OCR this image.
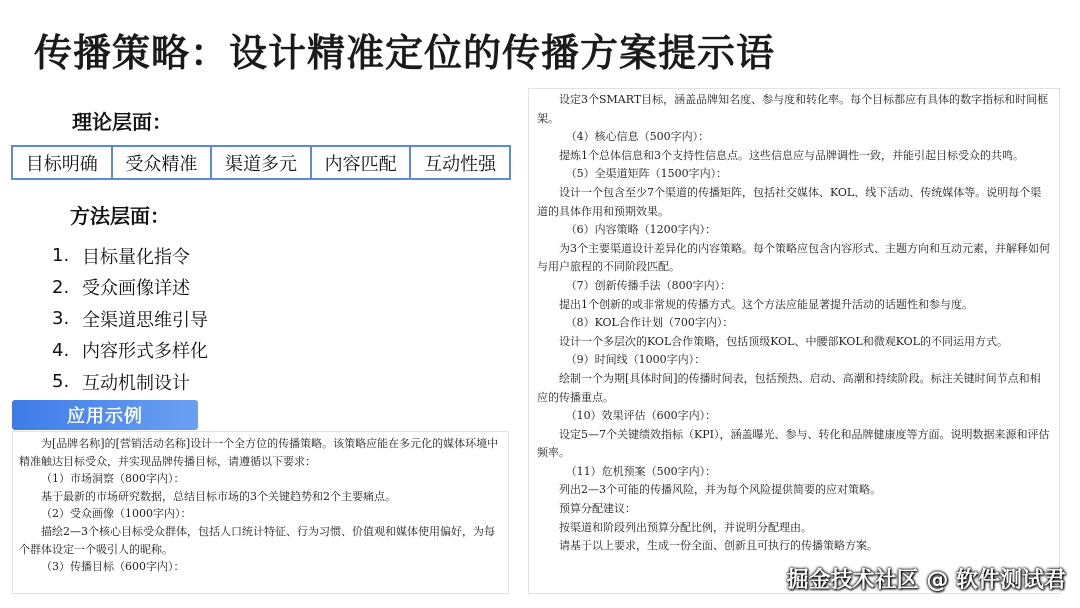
传播策略：设计精准定位的传播方案提示语
理论层面：
目标明确	受众精准	渠道多元	内容匹配	互动性强
方法层面：
1. 目标量化指令
2. 受众画像详述
3. 全渠道思维引导
4. 内容形式多样化
5. 互动机制设计
应用示例

为[品牌名称]的[营销活动名称]设计一个全方位的传播策略。该策略应能在多元化的媒体环境中精准触达目标受众，并实现品牌传播目标，请遵循以下要求：

（1）市场洞察（800字内）：

基于最新的市场研究数据，总结目标市场的3个关键趋势和2个主要痛点。

（2）受众画像（1000字内）：

描绘2—3个核心目标受众群体，包括人口统计特征、行为习惯、价值观和媒体使用偏好，为每个群体设定一个吸引人的昵称。

（3）传播目标（600字内）：

设定3个SMART目标，涵盖品牌知名度、参与度和转化率。每个目标都应有具体的数字指标和时间框架。

（4）核心信息（500字内）：

提炼1个总体信息和3个支持性信息点。这些信息应与品牌调性一致，并能引起目标受众的共鸣。

（5）全渠道矩阵（1500字内）：

设计一个包含至少7个渠道的传播矩阵，包括社交媒体、KOL、线下活动、传统媒体等。说明每个渠道的具体作用和预期效果。

（6）内容策略（1200字内）：

为3个主要渠道设计差异化的内容策略。每个策略应包含内容形式、主题方向和互动元素，并解释如何与用户旅程的不同阶段匹配。

（7）创新传播手法（800字内）：

提出1个创新的或非常规的传播方式。这个方法应能显著提升活动的话题性和参与度。

（8）KOL合作计划（700字内）：

设计一个多层次的KOL合作策略，包括顶级KOL、中腰部KOL和微观KOL的不同运用方式。

（9）时间线（1000字内）：

绘制一个为期[具体时间]的传播时间表，包括预热、启动、高潮和持续阶段。标注关键时间节点和相应的传播重点。

（10）效果评估（600字内）：

设定5—7个关键绩效指标（KPI），涵盖曝光、参与、转化和品牌健康度等方面。说明数据来源和评估频率。

（11）危机预案（500字内）：

列出2—3个可能的传播风险，并为每个风险提供简要的应对策略。

预算分配建议：

按渠道和阶段列出预算分配比例，并说明分配理由。

请基于以上要求，生成一份全面、创新且可执行的传播策略方案。

掘金技术社区 @ 软件测试君
